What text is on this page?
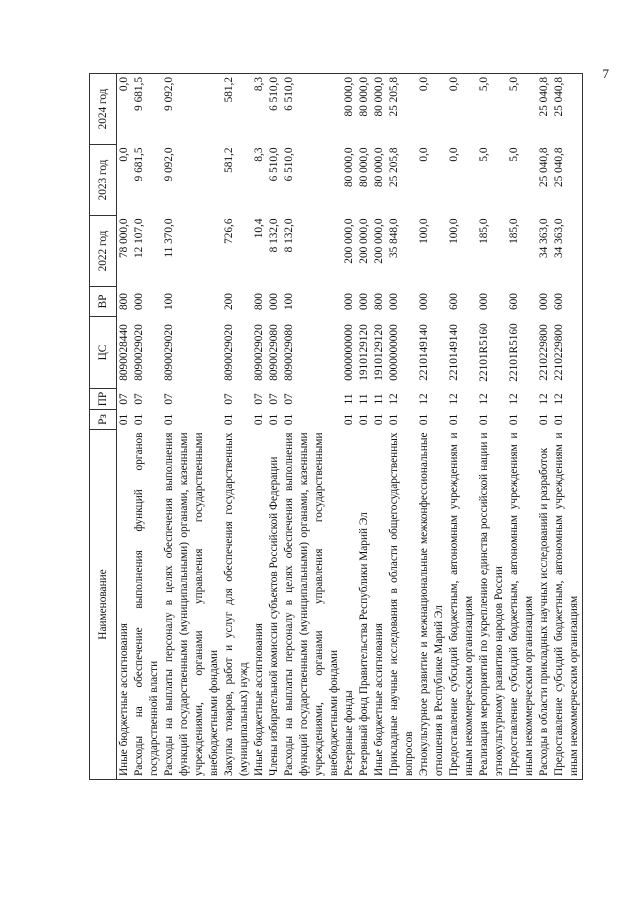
7
Наименование	Рз	ПР	ЦС	ВР	2022 год	2023 год	2024 год
Иные бюджетные ассигнования	01	07	8090028440	800	78 000,0	0,0	0,0
Расходы на обеспечение выполнения функций органов государственной власти	01	07	8090029020	000	12 107,0	9 681,5	9 681,5
Расходы на выплаты персоналу в целях обеспечения выполнения функций государственными (муниципальными) органами, казенными учреждениями, органами управления государственными внебюджетными фондами	01	07	8090029020	100	11 370,0	9 092,0	9 092,0
Закупка товаров, работ и услуг для обеспечения государственных (муниципальных) нужд	01	07	8090029020	200	726,6	581,2	581,2
Иные бюджетные ассигнования	01	07	8090029020	800	10,4	8,3	8,3
Члены избирательной комиссии субъектов Российской Федерации	01	07	8090029080	000	8 132,0	6 510,0	6 510,0
Расходы на выплаты персоналу в целях обеспечения выполнения функций государственными (муниципальными) органами, казенными учреждениями, органами управления государственными внебюджетными фондами	01	07	8090029080	100	8 132,0	6 510,0	6 510,0
Резервные фонды	01	11	0000000000	000	200 000,0	80 000,0	80 000,0
Резервный фонд Правительства Республики Марий Эл	01	11	1910129120	000	200 000,0	80 000,0	80 000,0
Иные бюджетные ассигнования	01	11	1910129120	800	200 000,0	80 000,0	80 000,0
Прикладные научные исследования в области общегосударственных вопросов	01	12	0000000000	000	35 848,0	25 205,8	25 205,8
Этнокультурное развитие и межнациональные межконфессиональные отношения в Республике Марий Эл	01	12	2210149140	000	100,0	0,0	0,0
Предоставление субсидий бюджетным, автономным учреждениям и иным некоммерческим организациям	01	12	2210149140	600	100,0	0,0	0,0
Реализация мероприятий по укреплению единства российской нации и этнокультурному развитию народов России	01	12	22101R5160	000	185,0	5,0	5,0
Предоставление субсидий бюджетным, автономным учреждениям и иным некоммерческим организациям	01	12	22101R5160	600	185,0	5,0	5,0
Расходы в области прикладных научных исследований и разработок	01	12	2210229800	000	34 363,0	25 040,8	25 040,8
Предоставление субсидий бюджетным, автономным учреждениям и иным некоммерческим организациям	01	12	2210229800	600	34 363,0	25 040,8	25 040,8
